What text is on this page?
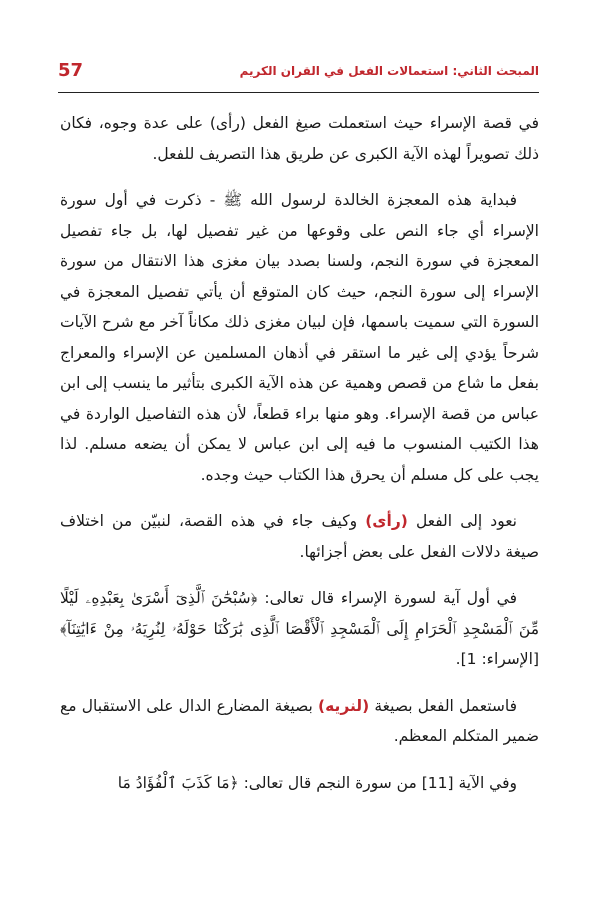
57	المبحث الثاني: استعمالات الفعل في القران الكريم

في قصة الإسراء حيث استعملت صيغ الفعل (رأى) على عدة وجوه، فكان ذلك تصويراً لهذه الآية الكبرى عن طريق هذا التصريف للفعل.

فبداية هذه المعجزة الخالدة لرسول الله ﷺ - ذكرت في أول سورة الإسراء أي جاء النص على وقوعها من غير تفصيل لها، بل جاء تفصيل المعجزة في سورة النجم، ولسنا بصدد بيان مغزى هذا الانتقال من سورة الإسراء إلى سورة النجم، حيث كان المتوقع أن يأتي تفصيل المعجزة في السورة التي سميت باسمها، فإن لبيان مغزى ذلك مكاناً آخر مع شرح الآيات شرحاً يؤدي إلى غير ما استقر في أذهان المسلمين عن الإسراء والمعراج بفعل ما شاع من قصص وهمية عن هذه الآية الكبرى بتأثير ما ينسب إلى ابن عباس من قصة الإسراء. وهو منها براء قطعاً، لأن هذه التفاصيل الواردة في هذا الكتيب المنسوب ما فيه إلى ابن عباس لا يمكن أن يضعه مسلم. لذا يجب على كل مسلم أن يحرق هذا الكتاب حيث وجده.

نعود إلى الفعل (رأى) وكيف جاء في هذه القصة، لنبيّن من اختلاف صيغة دلالات الفعل على بعض أجزائها.

في أول آية لسورة الإسراء قال تعالى: ﴿سُبْحَٰنَ ٱلَّذِىٓ أَسْرَىٰ بِعَبْدِهِۦ لَيْلًا مِّنَ ٱلْمَسْجِدِ ٱلْحَرَامِ إِلَى ٱلْمَسْجِدِ ٱلْأَقْصَا ٱلَّذِى بَٰرَكْنَا حَوْلَهُۥ لِنُرِيَهُۥ مِنْ ءَايَٰتِنَآ﴾ [الإسراء: 1].

فاستعمل الفعل بصيغة (لنريه) بصيغة المضارع الدال على الاستقبال مع ضمير المتكلم المعظم.

وفي الآية [11] من سورة النجم قال تعالى: ﴿مَا كَذَبَ ٱلْفُؤَادُ مَا
